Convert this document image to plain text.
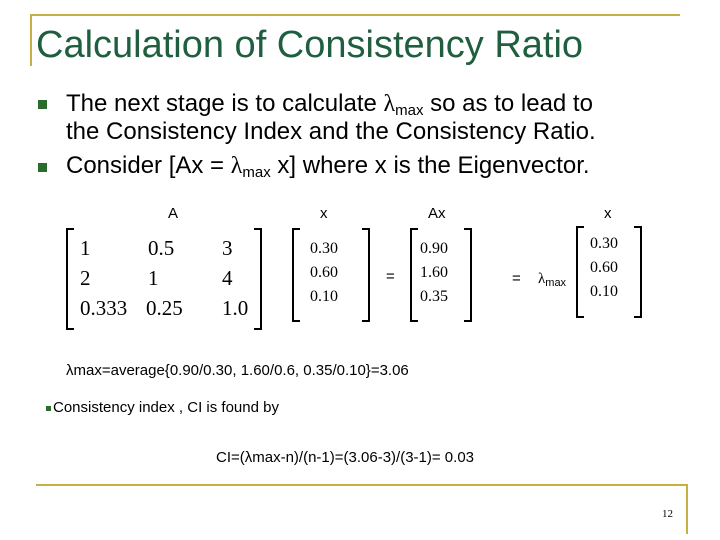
Calculation of Consistency Ratio
The next stage is to calculate $\lambda_{max}$ so as to lead to
the Consistency Index and the Consistency Ratio.
Consider [$Ax = \lambda_{max}$ x] where x is the Eigenvector.
A	x	Ax	x
1	0.5 3
2	1	4
0.333 0.25 1.0
0.30
0.60
0.10
=
0.90
1.60
0.35
= $\lambda_{max}$
0.30
0.60
0.10
λmax=average{0.90/0.30, 1.60/0.6, 0.35/0.10}=3.06
Consistency index , CI is found by
CI=(λmax-n)/(n-1)=(3.06-3)/(3-1)= 0.03
12
